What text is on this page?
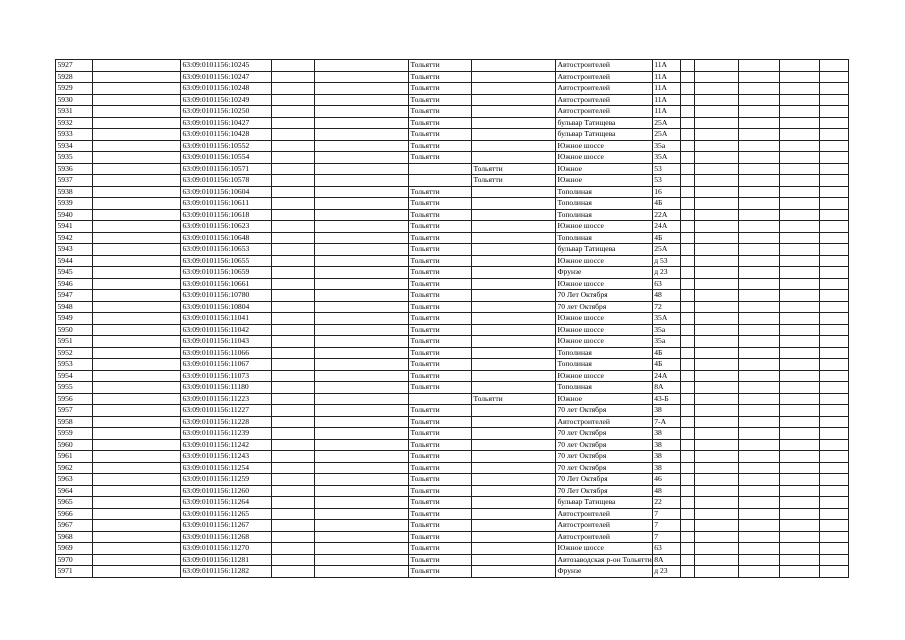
5927		63:09:0101156:10245			Тольятти		Автостроителей	11А					
5928		63:09:0101156:10247			Тольятти		Автостроителей	11А					
5929		63:09:0101156:10248			Тольятти		Автостроителей	11А					
5930		63:09:0101156:10249			Тольятти		Автостроителей	11А					
5931		63:09:0101156:10250			Тольятти		Автостроителей	11А					
5932		63:09:0101156:10427			Тольятти		бульвар Татищева	25А					
5933		63:09:0101156:10428			Тольятти		бульвар Татищева	25А					
5934		63:09:0101156:10552			Тольятти		Южное шоссе	35а					
5935		63:09:0101156:10554			Тольятти		Южное шоссе	35А					
5936		63:09:0101156:10571				Тольятти	Южное	53					
5937		63:09:0101156:10578				Тольятти	Южное	53					
5938		63:09:0101156:10604			Тольятти		Тополиная	16					
5939		63:09:0101156:10611			Тольятти		Тополиная	4Б					
5940		63:09:0101156:10618			Тольятти		Тополиная	22А					
5941		63:09:0101156:10623			Тольятти		Южное шоссе	24А					
5942		63:09:0101156:10648			Тольятти		Тополиная	4Б					
5943		63:09:0101156:10653			Тольятти		бульвар Татищева	25А					
5944		63:09:0101156:10655			Тольятти		Южное шоссе	д 53					
5945		63:09:0101156:10659			Тольятти		Фрунзе	д 23					
5946		63:09:0101156:10661			Тольятти		Южное шоссе	63					
5947		63:09:0101156:10780			Тольятти		70 Лет Октября	48					
5948		63:09:0101156:10804			Тольятти		70 лет Октября	72					
5949		63:09:0101156:11041			Тольятти		Южное шоссе	35А					
5950		63:09:0101156:11042			Тольятти		Южное шоссе	35а					
5951		63:09:0101156:11043			Тольятти		Южное шоссе	35а					
5952		63:09:0101156:11066			Тольятти		Тополиная	4Б					
5953		63:09:0101156:11067			Тольятти		Тополиная	4Б					
5954		63:09:0101156:11073			Тольятти		Южное шоссе	24А					
5955		63:09:0101156:11180			Тольятти		Тополиная	8А					
5956		63:09:0101156:11223				Тольятти	Южное	43-Б					
5957		63:09:0101156:11227			Тольятти		70 лет Октября	38					
5958		63:09:0101156:11228			Тольятти		Автостроителей	7-А					
5959		63:09:0101156:11239			Тольятти		70 лет Октября	38					
5960		63:09:0101156:11242			Тольятти		70 лет Октября	38					
5961		63:09:0101156:11243			Тольятти		70 лет Октября	38					
5962		63:09:0101156:11254			Тольятти		70 лет Октября	38					
5963		63:09:0101156:11259			Тольятти		70 Лет Октября	46					
5964		63:09:0101156:11260			Тольятти		70 Лет Октября	48					
5965		63:09:0101156:11264			Тольятти		бульвар Татищева	22					
5966		63:09:0101156:11265			Тольятти		Автостроителей	7					
5967		63:09:0101156:11267			Тольятти		Автостроителей	7					
5968		63:09:0101156:11268			Тольятти		Автостроителей	7					
5969		63:09:0101156:11270			Тольятти		Южное шоссе	63					
5970		63:09:0101156:11281			Тольятти		Автозаводская р-он Тольятти	8А					
5971		63:09:0101156:11282			Тольятти		Фрунзе	д 23					
